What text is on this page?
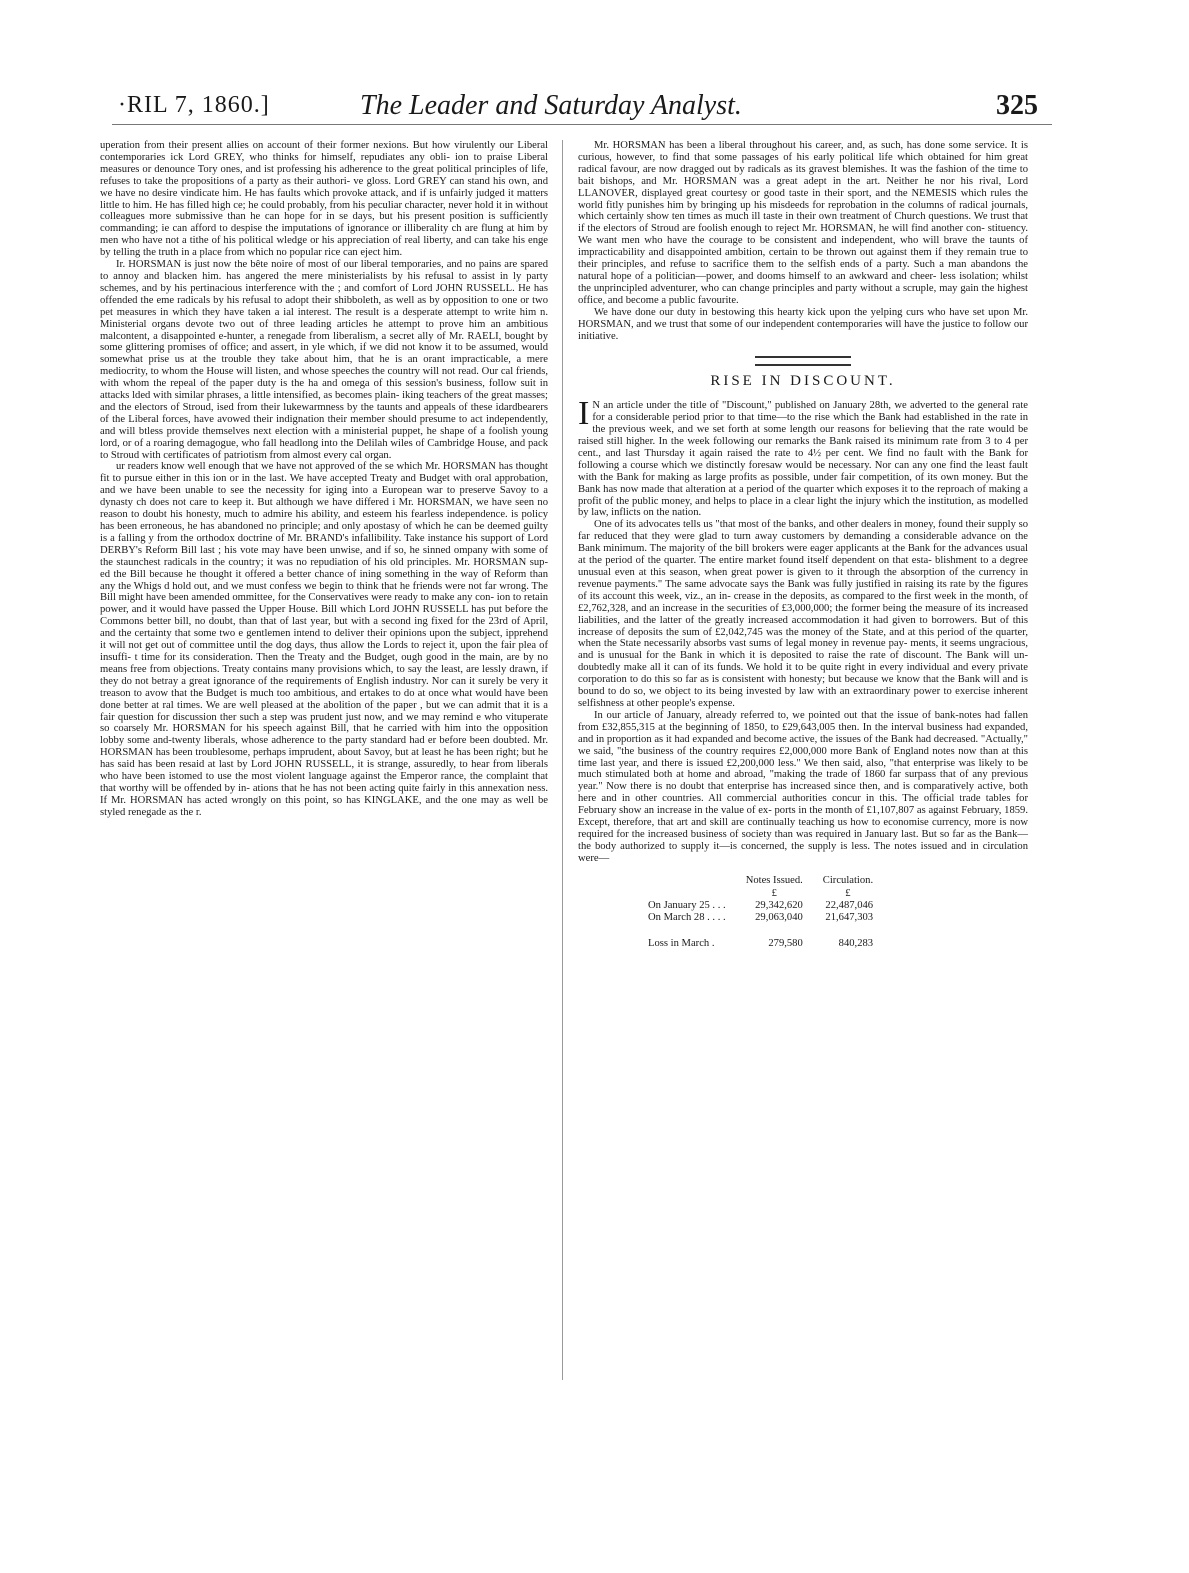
·RIL 7, 1860.]	The Leader and Saturday Analyst.	325

uperation from their present allies on account of their former nexions. But how virulently our Liberal contemporaries ick Lord GREY, who thinks for himself, repudiates any obli- ion to praise Liberal measures or denounce Tory ones, and ist professing his adherence to the great political principles of life, refuses to take the propositions of a party as their authori- ve gloss. Lord GREY can stand his own, and we have no desire vindicate him. He has faults which provoke attack, and if is unfairly judged it matters little to him. He has filled high ce; he could probably, from his peculiar character, never hold it in without colleagues more submissive than he can hope for in se days, but his present position is sufficiently commanding; ie can afford to despise the imputations of ignorance or illiberality ch are flung at him by men who have not a tithe of his political wledge or his appreciation of real liberty, and can take his enge by telling the truth in a place from which no popular rice can eject him.

Ir. HORSMAN is just now the bête noire of most of our liberal temporaries, and no pains are spared to annoy and blacken him. has angered the mere ministerialists by his refusal to assist in ly party schemes, and by his pertinacious interference with the ; and comfort of Lord JOHN RUSSELL. He has offended the eme radicals by his refusal to adopt their shibboleth, as well as by opposition to one or two pet measures in which they have taken a ial interest. The result is a desperate attempt to write him n. Ministerial organs devote two out of three leading articles he attempt to prove him an ambitious malcontent, a disappointed e-hunter, a renegade from liberalism, a secret ally of Mr. RAELI, bought by some glittering promises of office; and assert, in yle which, if we did not know it to be assumed, would somewhat prise us at the trouble they take about him, that he is an orant impracticable, a mere mediocrity, to whom the House will listen, and whose speeches the country will not read. Our cal friends, with whom the repeal of the paper duty is the ha and omega of this session's business, follow suit in attacks lded with similar phrases, a little intensified, as becomes plain- iking teachers of the great masses; and the electors of Stroud, ised from their lukewarmness by the taunts and appeals of these idardbearers of the Liberal forces, have avowed their indignation their member should presume to act independently, and will btless provide themselves next election with a ministerial puppet, he shape of a foolish young lord, or of a roaring demagogue, who fall headlong into the Delilah wiles of Cambridge House, and pack to Stroud with certificates of patriotism from almost every cal organ.

ur readers know well enough that we have not approved of the se which Mr. HORSMAN has thought fit to pursue either in this ion or in the last. We have accepted Treaty and Budget with oral approbation, and we have been unable to see the necessity for iging into a European war to preserve Savoy to a dynasty ch does not care to keep it. But although we have differed i Mr. HORSMAN, we have seen no reason to doubt his honesty, much to admire his ability, and esteem his fearless independence. is policy has been erroneous, he has abandoned no principle; and only apostasy of which he can be deemed guilty is a falling y from the orthodox doctrine of Mr. BRAND's infallibility. Take instance his support of Lord DERBY's Reform Bill last ; his vote may have been unwise, and if so, he sinned ompany with some of the staunchest radicals in the country; it was no repudiation of his old principles. Mr. HORSMAN sup- ed the Bill because he thought it offered a better chance of ining something in the way of Reform than any the Whigs d hold out, and we must confess we begin to think that he friends were not far wrong. The Bill might have been amended ommittee, for the Conservatives were ready to make any con- ion to retain power, and it would have passed the Upper House. Bill which Lord JOHN RUSSELL has put before the Commons better bill, no doubt, than that of last year, but with a second ing fixed for the 23rd of April, and the certainty that some two e gentlemen intend to deliver their opinions upon the subject, ipprehend it will not get out of committee until the dog days, thus allow the Lords to reject it, upon the fair plea of insuffi- t time for its consideration. Then the Treaty and the Budget, ough good in the main, are by no means free from objections. Treaty contains many provisions which, to say the least, are lessly drawn, if they do not betray a great ignorance of the requirements of English industry. Nor can it surely be very it treason to avow that the Budget is much too ambitious, and ertakes to do at once what would have been done better at ral times. We are well pleased at the abolition of the paper , but we can admit that it is a fair question for discussion ther such a step was prudent just now, and we may remind e who vituperate so coarsely Mr. HORSMAN for his speech against Bill, that he carried with him into the opposition lobby some and-twenty liberals, whose adherence to the party standard had er before been doubted. Mr. HORSMAN has been troublesome, perhaps imprudent, about Savoy, but at least he has been right; but he has said has been resaid at last by Lord JOHN RUSSELL, it is strange, assuredly, to hear from liberals who have been istomed to use the most violent language against the Emperor rance, the complaint that that worthy will be offended by in- ations that he has not been acting quite fairly in this annexation ness. If Mr. HORSMAN has acted wrongly on this point, so has KINGLAKE, and the one may as well be styled renegade as the r.

Mr. HORSMAN has been a liberal throughout his career, and, as such, has done some service. It is curious, however, to find that some passages of his early political life which obtained for him great radical favour, are now dragged out by radicals as its gravest blemishes. It was the fashion of the time to bait bishops, and Mr. HORSMAN was a great adept in the art. Neither he nor his rival, Lord LLANOVER, displayed great courtesy or good taste in their sport, and the NEMESIS which rules the world fitly punishes him by bringing up his misdeeds for reprobation in the columns of radical journals, which certainly show ten times as much ill taste in their own treatment of Church questions. We trust that if the electors of Stroud are foolish enough to reject Mr. HORSMAN, he will find another con- stituency. We want men who have the courage to be consistent and independent, who will brave the taunts of impracticability and disappointed ambition, certain to be thrown out against them if they remain true to their principles, and refuse to sacrifice them to the selfish ends of a party. Such a man abandons the natural hope of a politician—power, and dooms himself to an awkward and cheer- less isolation; whilst the unprincipled adventurer, who can change principles and party without a scruple, may gain the highest office, and become a public favourite.

We have done our duty in bestowing this hearty kick upon the yelping curs who have set upon Mr. HORSMAN, and we trust that some of our independent contemporaries will have the justice to follow our initiative.

RISE IN DISCOUNT.

I N an article under the title of "Discount," published on January 28th, we adverted to the general rate for a considerable period prior to that time—to the rise which the Bank had established in the rate in the previous week, and we set forth at some length our reasons for believing that the rate would be raised still higher. In the week following our remarks the Bank raised its minimum rate from 3 to 4 per cent., and last Thursday it again raised the rate to 4½ per cent. We find no fault with the Bank for following a course which we distinctly foresaw would be necessary. Nor can any one find the least fault with the Bank for making as large profits as possible, under fair competition, of its own money. But the Bank has now made that alteration at a period of the quarter which exposes it to the reproach of making a profit of the public money, and helps to place in a clear light the injury which the institution, as modelled by law, inflicts on the nation.

One of its advocates tells us "that most of the banks, and other dealers in money, found their supply so far reduced that they were glad to turn away customers by demanding a considerable advance on the Bank minimum. The majority of the bill brokers were eager applicants at the Bank for the advances usual at the period of the quarter. The entire market found itself dependent on that esta- blishment to a degree unusual even at this season, when great power is given to it through the absorption of the currency in revenue payments." The same advocate says the Bank was fully justified in raising its rate by the figures of its account this week, viz., an in- crease in the deposits, as compared to the first week in the month, of £2,762,328, and an increase in the securities of £3,000,000; the former being the measure of its increased liabilities, and the latter of the greatly increased accommodation it had given to borrowers. But of this increase of deposits the sum of £2,042,745 was the money of the State, and at this period of the quarter, when the State necessarily absorbs vast sums of legal money in revenue pay- ments, it seems ungracious, and is unusual for the Bank in which it is deposited to raise the rate of discount. The Bank will un- doubtedly make all it can of its funds. We hold it to be quite right in every individual and every private corporation to do this so far as is consistent with honesty; but because we know that the Bank will and is bound to do so, we object to its being invested by law with an extraordinary power to exercise inherent selfishness at other people's expense.

In our article of January, already referred to, we pointed out that the issue of bank-notes had fallen from £32,855,315 at the beginning of 1850, to £29,643,005 then. In the interval business had expanded, and in proportion as it had expanded and become active, the issues of the Bank had decreased. "Actually," we said, "the business of the country requires £2,000,000 more Bank of England notes now than at this time last year, and there is issued £2,200,000 less." We then said, also, "that enterprise was likely to be much stimulated both at home and abroad, "making the trade of 1860 far surpass that of any previous year." Now there is no doubt that enterprise has increased since then, and is comparatively active, both here and in other countries. All commercial authorities concur in this. The official trade tables for February show an increase in the value of ex- ports in the month of £1,107,807 as against February, 1859. Except, therefore, that art and skill are continually teaching us how to economise currency, more is now required for the increased business of society than was required in January last. But so far as the Bank—the body authorized to supply it—is concerned, the supply is less. The notes issued and in circulation were—

	Notes Issued.	Circulation.
	£	£
On January 25 . . .	29,342,620	22,487,046
On March 28 . . . .	29,063,040	21,647,303
Loss in March .	279,580	840,283
